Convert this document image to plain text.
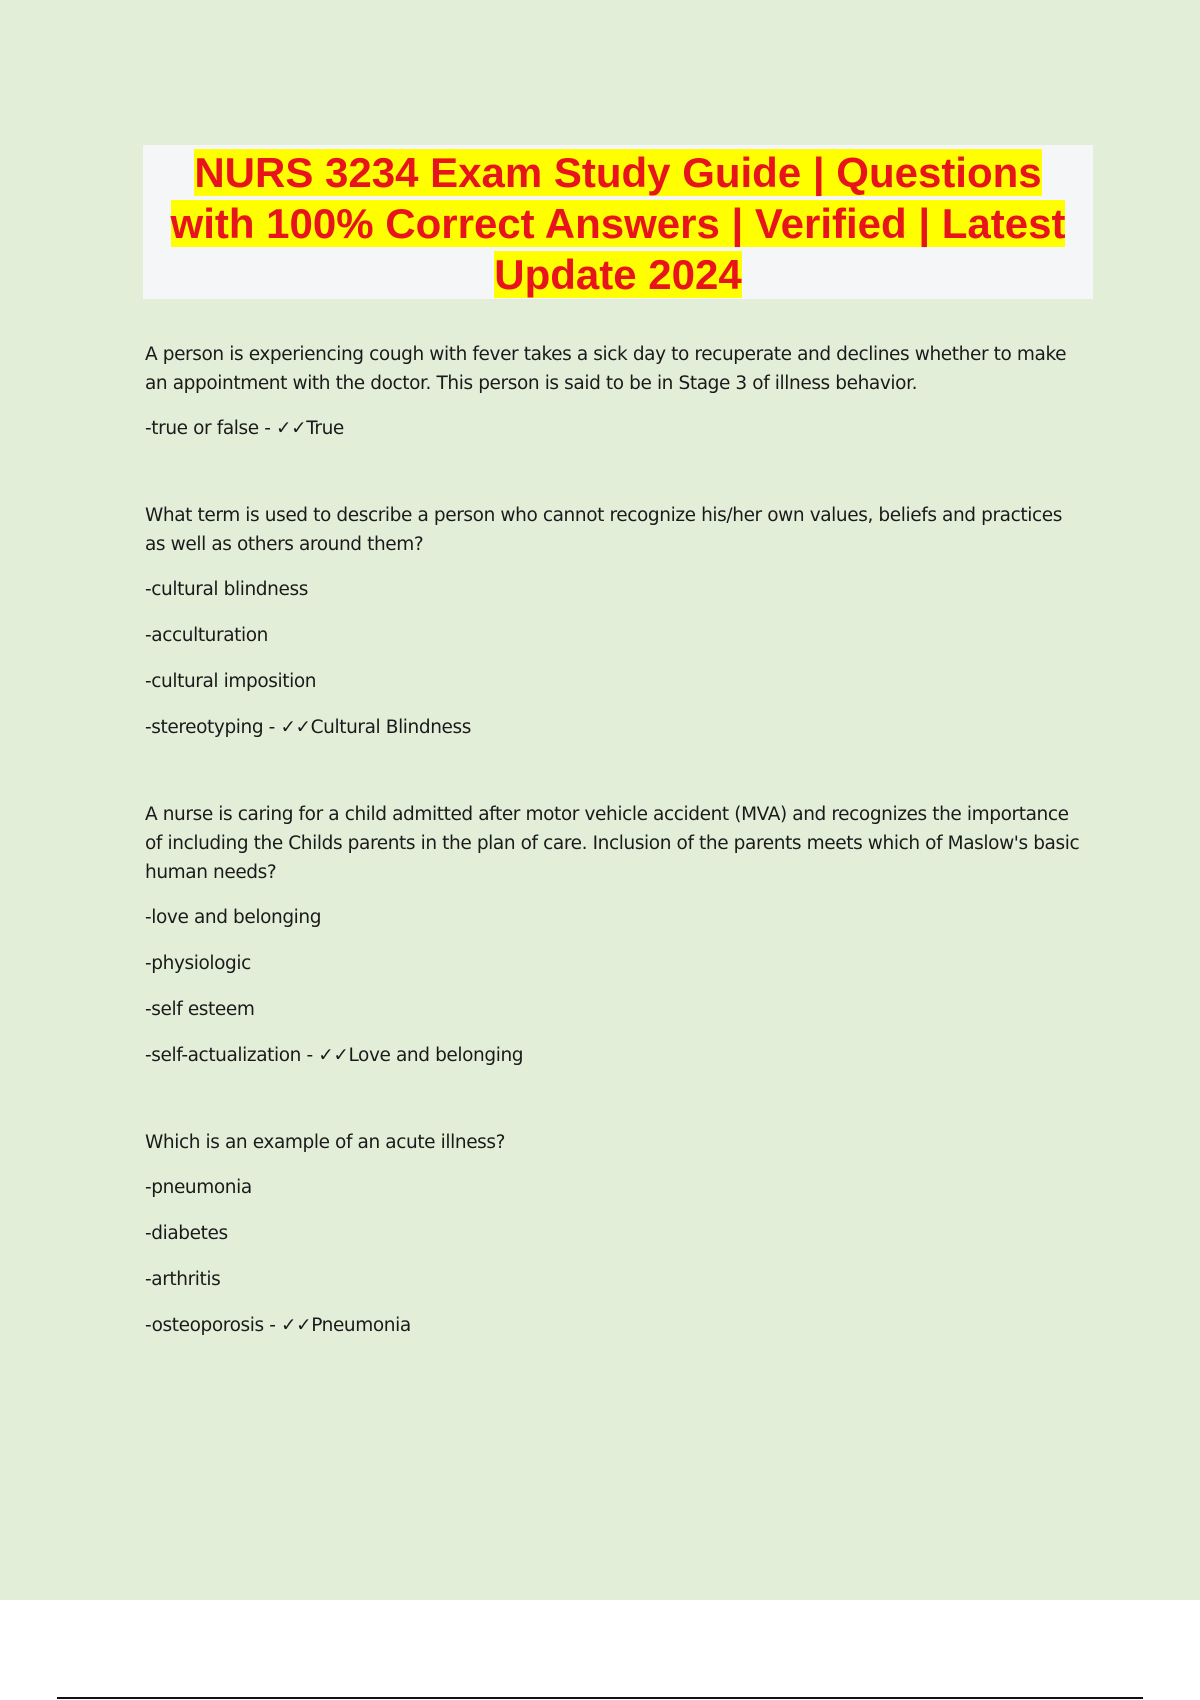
NURS 3234 Exam Study Guide | Questions with 100% Correct Answers | Verified | Latest Update 2024

A person is experiencing cough with fever takes a sick day to recuperate and declines whether to make an appointment with the doctor. This person is said to be in Stage 3 of illness behavior.

-true or false - ✓✓True

What term is used to describe a person who cannot recognize his/her own values, beliefs and practices as well as others around them?

-cultural blindness

-acculturation

-cultural imposition

-stereotyping - ✓✓Cultural Blindness

A nurse is caring for a child admitted after motor vehicle accident (MVA) and recognizes the importance of including the Childs parents in the plan of care. Inclusion of the parents meets which of Maslow's basic human needs?

-love and belonging

-physiologic

-self esteem

-self-actualization - ✓✓Love and belonging

Which is an example of an acute illness?

-pneumonia

-diabetes

-arthritis

-osteoporosis - ✓✓Pneumonia
